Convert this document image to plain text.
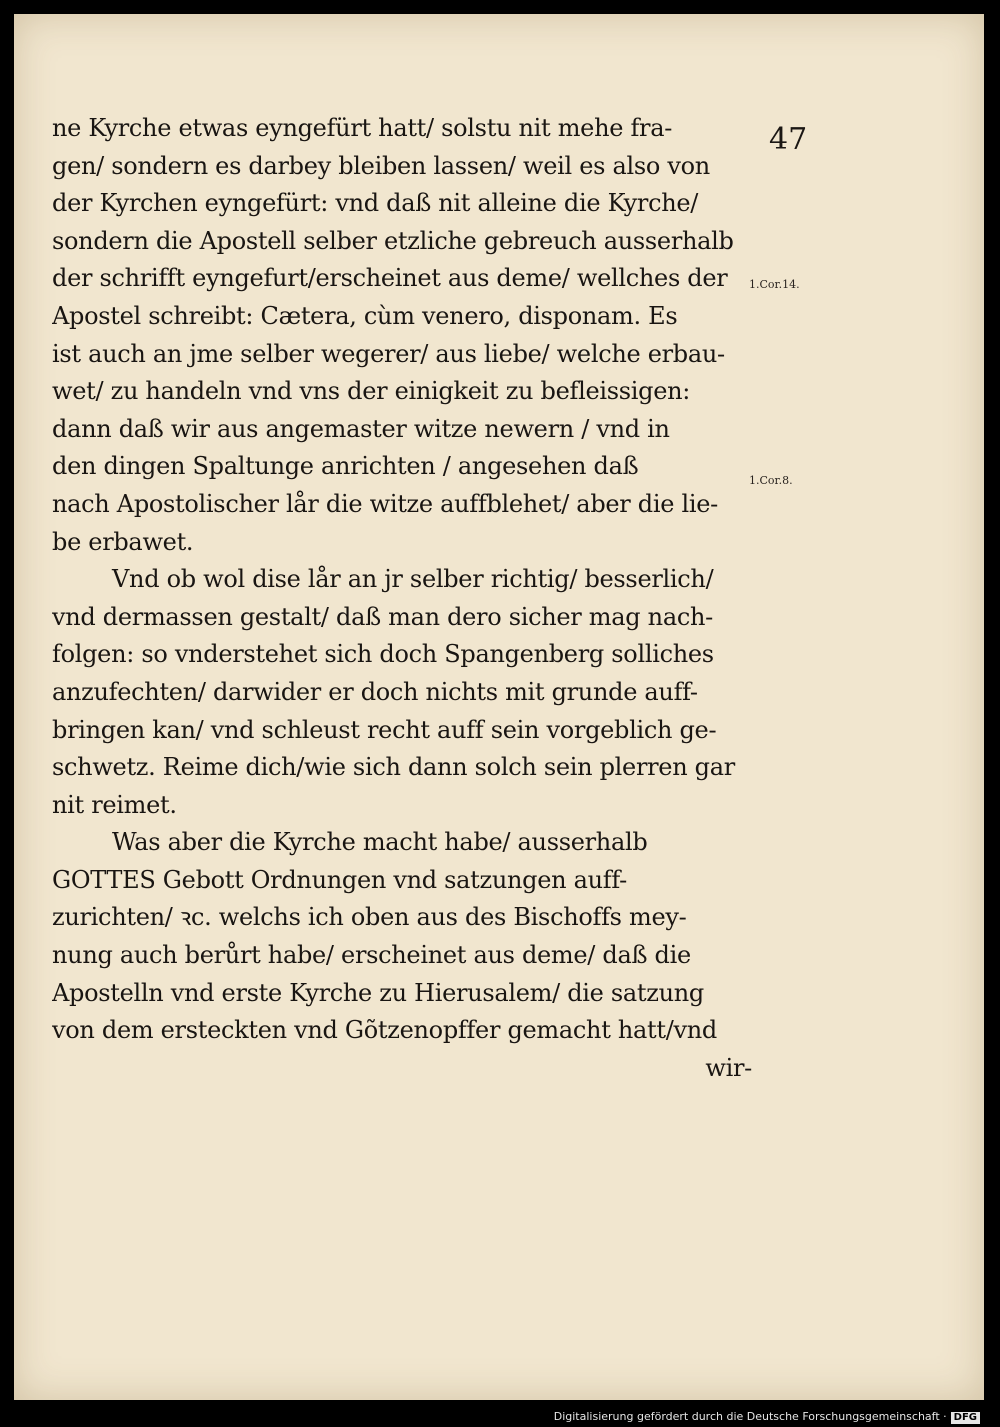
47
1.Cor.14.
1.Cor.8.
ne Kyrche etwas eyngefürt hatt/ solstu nit mehe fra-
gen/ sondern es darbey bleiben lassen/ weil es also von
der Kyrchen eyngefürt: vnd daß nit alleine die Kyrche/
sondern die Apostell selber etzliche gebreuch ausserhalb
der schrifft eyngefurt/erscheinet aus deme/ wellches der
Apostel schreibt: Cætera, cùm venero, disponam. Es
ist auch an jme selber wegerer/ aus liebe/ welche erbau-
wet/ zu handeln vnd vns der einigkeit zu befleissigen:
dann daß wir aus angemaster witze newern / vnd in
den dingen Spaltunge anrichten / angesehen daß
nach Apostolischer lår die witze auffblehet/ aber die lie-
be erbawet.
Vnd ob wol dise lår an jr selber richtig/ besserlich/
vnd dermassen gestalt/ daß man dero sicher mag nach-
folgen: so vnderstehet sich doch Spangenberg solliches
anzufechten/ darwider er doch nichts mit grunde auff-
bringen kan/ vnd schleust recht auff sein vorgeblich ge-
schwetz. Reime dich/wie sich dann solch sein plerren gar
nit reimet.
Was aber die Kyrche macht habe/ ausserhalb
GOTTES Gebott Ordnungen vnd satzungen auff-
zurichten/ ꝛc. welchs ich oben aus des Bischoffs mey-
nung auch berůrt habe/ erscheinet aus deme/ daß die
Apostelln vnd erste Kyrche zu Hierusalem/ die satzung
von dem ersteckten vnd Gõtzenopffer gemacht hatt/vnd
wir-
Digitalisierung gefördert durch die Deutsche Forschungsgemeinschaft · DFG
